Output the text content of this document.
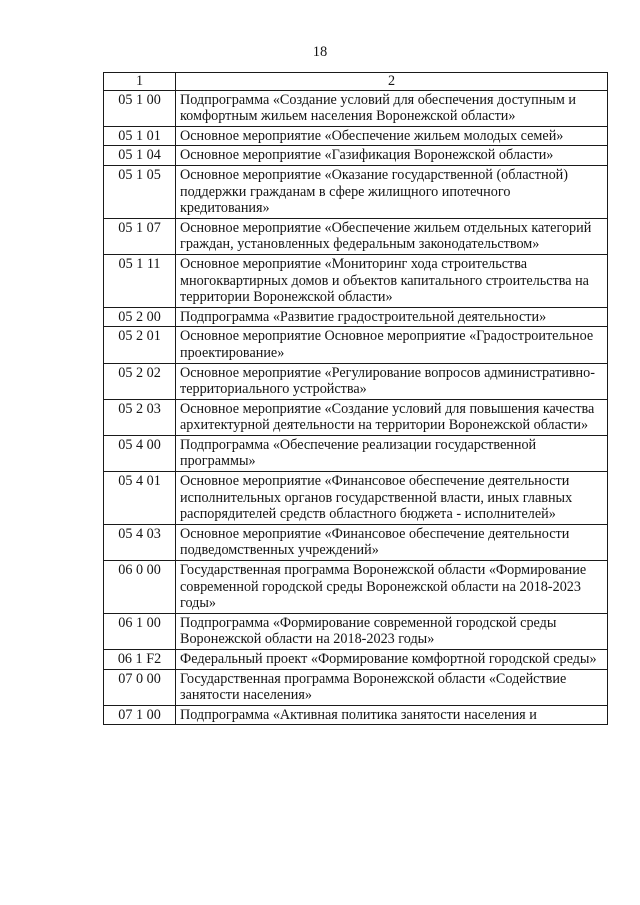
18
1	2
05 1 00	Подпрограмма «Создание условий для обеспечения доступным и комфортным жильем населения Воронежской области»
05 1 01	Основное мероприятие «Обеспечение жильем молодых семей»
05 1 04	Основное мероприятие «Газификация Воронежской области»
05 1 05	Основное мероприятие «Оказание государственной (областной) поддержки гражданам в сфере жилищного ипотечного кредитования»
05 1 07	Основное мероприятие «Обеспечение жильем отдельных категорий граждан, установленных федеральным законодательством»
05 1 11	Основное мероприятие «Мониторинг хода строительства многоквартирных домов и объектов капитального строительства на территории Воронежской области»
05 2 00	Подпрограмма «Развитие градостроительной деятельности»
05 2 01	Основное мероприятие Основное мероприятие «Градостроительное проектирование»
05 2 02	Основное мероприятие «Регулирование вопросов административно-территориального устройства»
05 2 03	Основное мероприятие «Создание условий для повышения качества архитектурной деятельности на территории Воронежской области»
05 4 00	Подпрограмма «Обеспечение реализации государственной программы»
05 4 01	Основное мероприятие «Финансовое обеспечение деятельности исполнительных органов государственной власти, иных главных распорядителей средств областного бюджета - исполнителей»
05 4 03	Основное мероприятие «Финансовое обеспечение деятельности подведомственных учреждений»
06 0 00	Государственная программа Воронежской области «Формирование современной городской среды Воронежской области на 2018-2023 годы»
06 1 00	Подпрограмма «Формирование современной городской среды Воронежской области на 2018-2023 годы»
06 1 F2	Федеральный проект «Формирование комфортной городской среды»
07 0 00	Государственная программа Воронежской области «Содействие занятости населения»
07 1 00	Подпрограмма «Активная политика занятости населения и
